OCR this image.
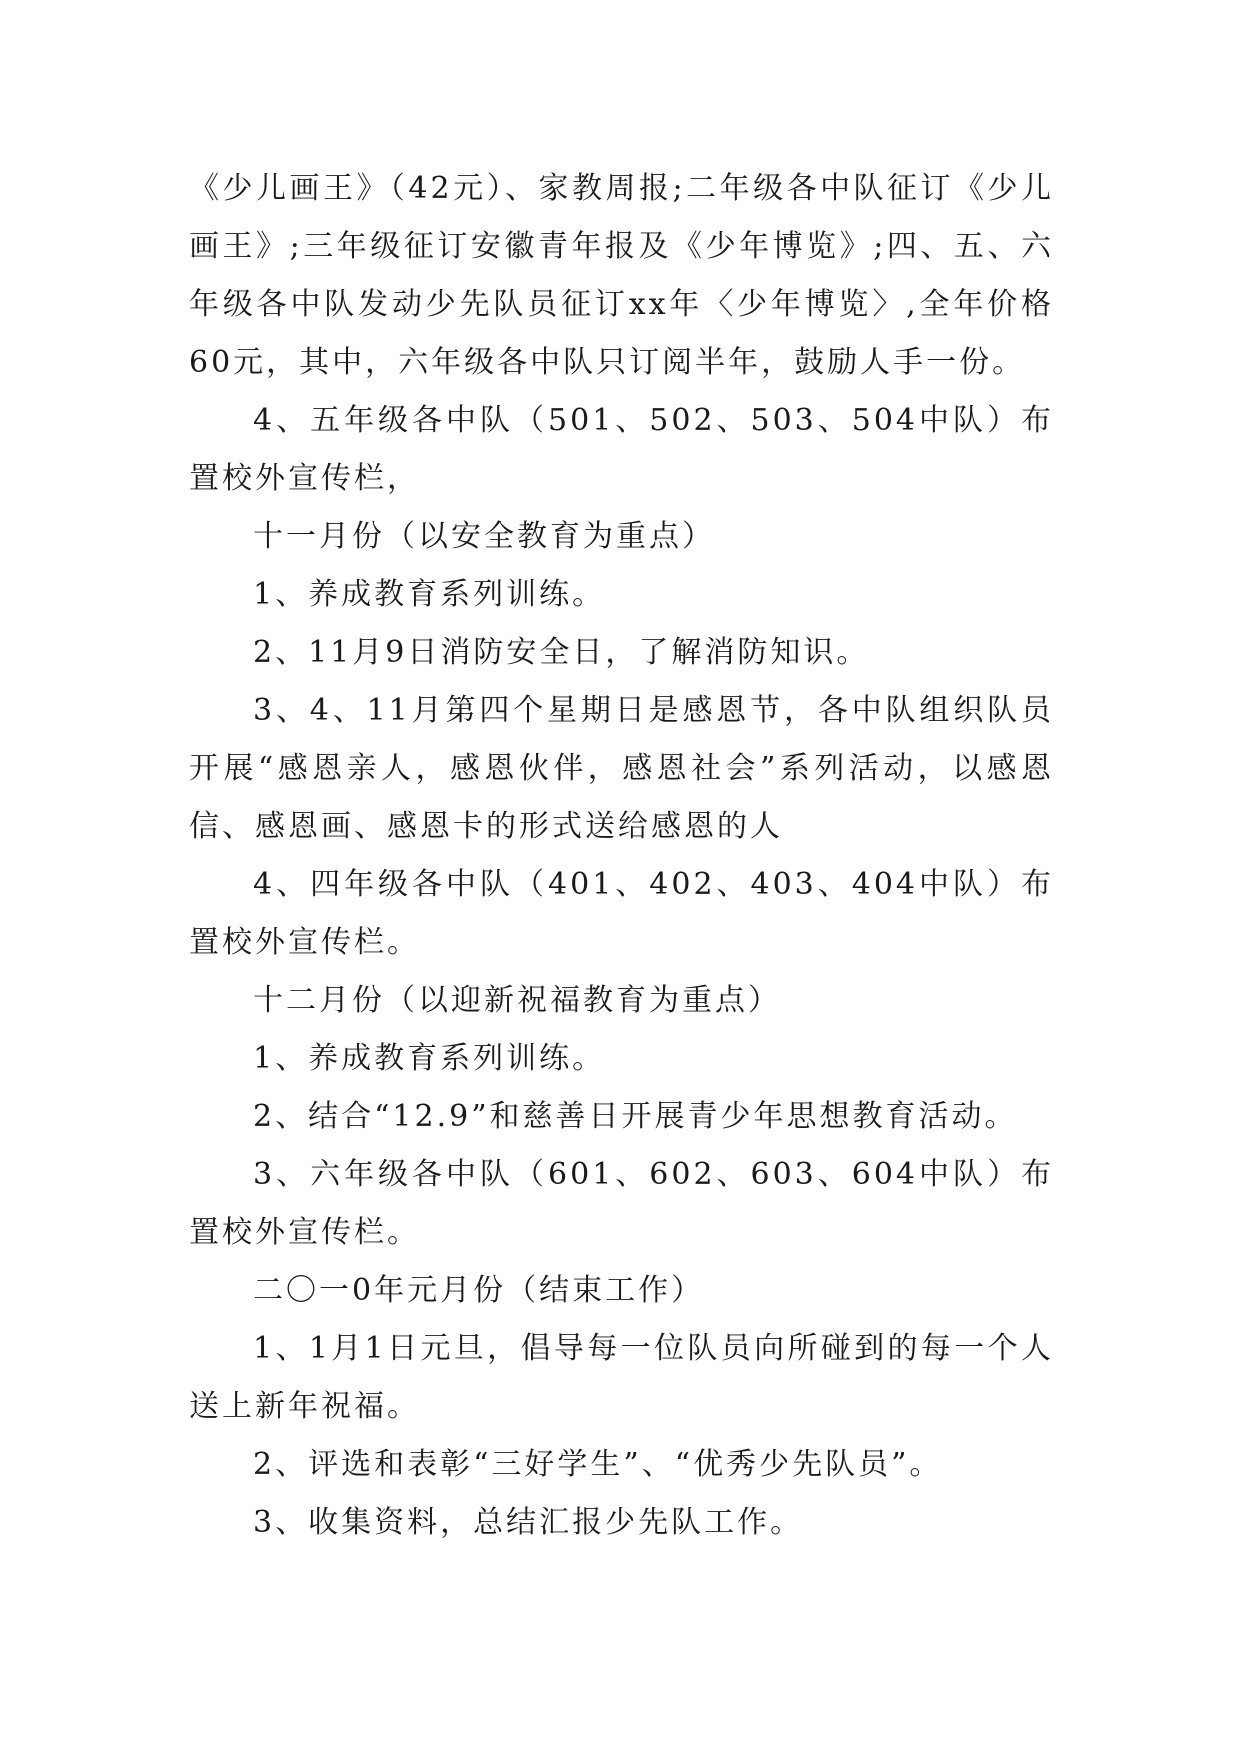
《少儿画王》（42元）、家教周报;二年级各中队征订《少儿画王》;三年级征订安徽青年报及《少年博览》;四、五、六年级各中队发动少先队员征订xx年〈少年博览〉,全年价格60元，其中，六年级各中队只订阅半年，鼓励人手一份。

4、五年级各中队（501、502、503、504中队）布置校外宣传栏，

十一月份（以安全教育为重点）

1、养成教育系列训练。

2、11月9日消防安全日，了解消防知识。

3、4、11月第四个星期日是感恩节，各中队组织队员开展“感恩亲人，感恩伙伴，感恩社会”系列活动，以感恩信、感恩画、感恩卡的形式送给感恩的人

4、四年级各中队（401、402、403、404中队）布置校外宣传栏。

十二月份（以迎新祝福教育为重点）

1、养成教育系列训练。

2、结合“12.9”和慈善日开展青少年思想教育活动。

3、六年级各中队（601、602、603、604中队）布置校外宣传栏。

二〇一0年元月份（结束工作）

1、1月1日元旦，倡导每一位队员向所碰到的每一个人送上新年祝福。

2、评选和表彰“三好学生”、“优秀少先队员”。

3、收集资料，总结汇报少先队工作。
